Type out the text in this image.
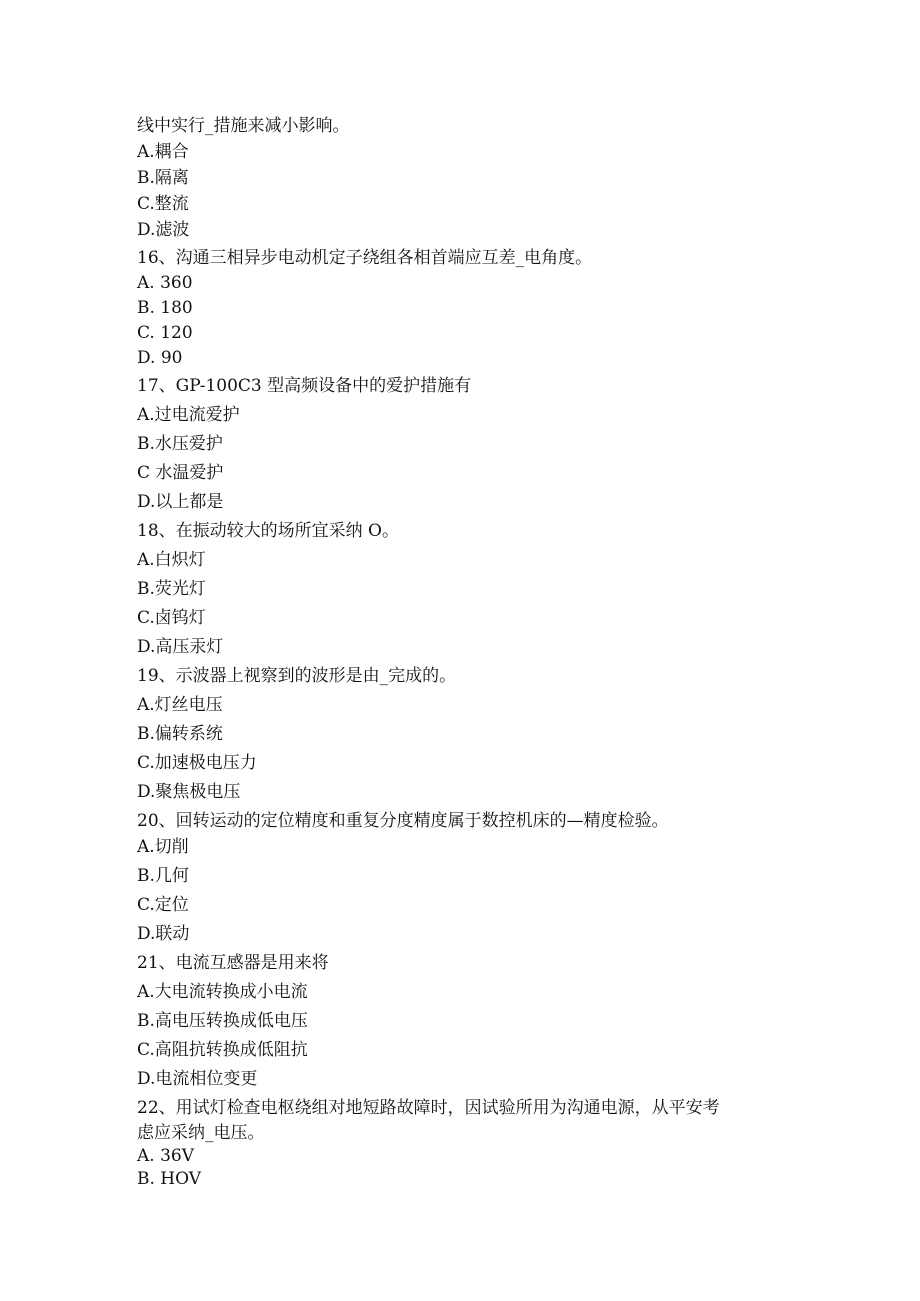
线中实行_措施来减小影响。
A.耦合
B.隔离
C.整流
D.滤波
16、沟通三相异步电动机定子绕组各相首端应互差_电角度。
A. 360
B. 180
C. 120
D. 90
17、GP-100C3 型高频设备中的爱护措施有
A.过电流爱护
B.水压爱护
C 水温爱护
D.以上都是
18、在振动较大的场所宜采纳 O。
A.白炽灯
B.荧光灯
C.卤钨灯
D.高压汞灯
19、示波器上视察到的波形是由_完成的。
A.灯丝电压
B.偏转系统
C.加速极电压力
D.聚焦极电压
20、回转运动的定位精度和重复分度精度属于数控机床的—精度检验。
A.切削
B.几何
C.定位
D.联动
21、电流互感器是用来将
A.大电流转换成小电流
B.高电压转换成低电压
C.高阻抗转换成低阻抗
D.电流相位变更
22、用试灯检查电枢绕组对地短路故障时，因试验所用为沟通电源，从平安考
虑应采纳_电压。
A. 36V
B. HOV
